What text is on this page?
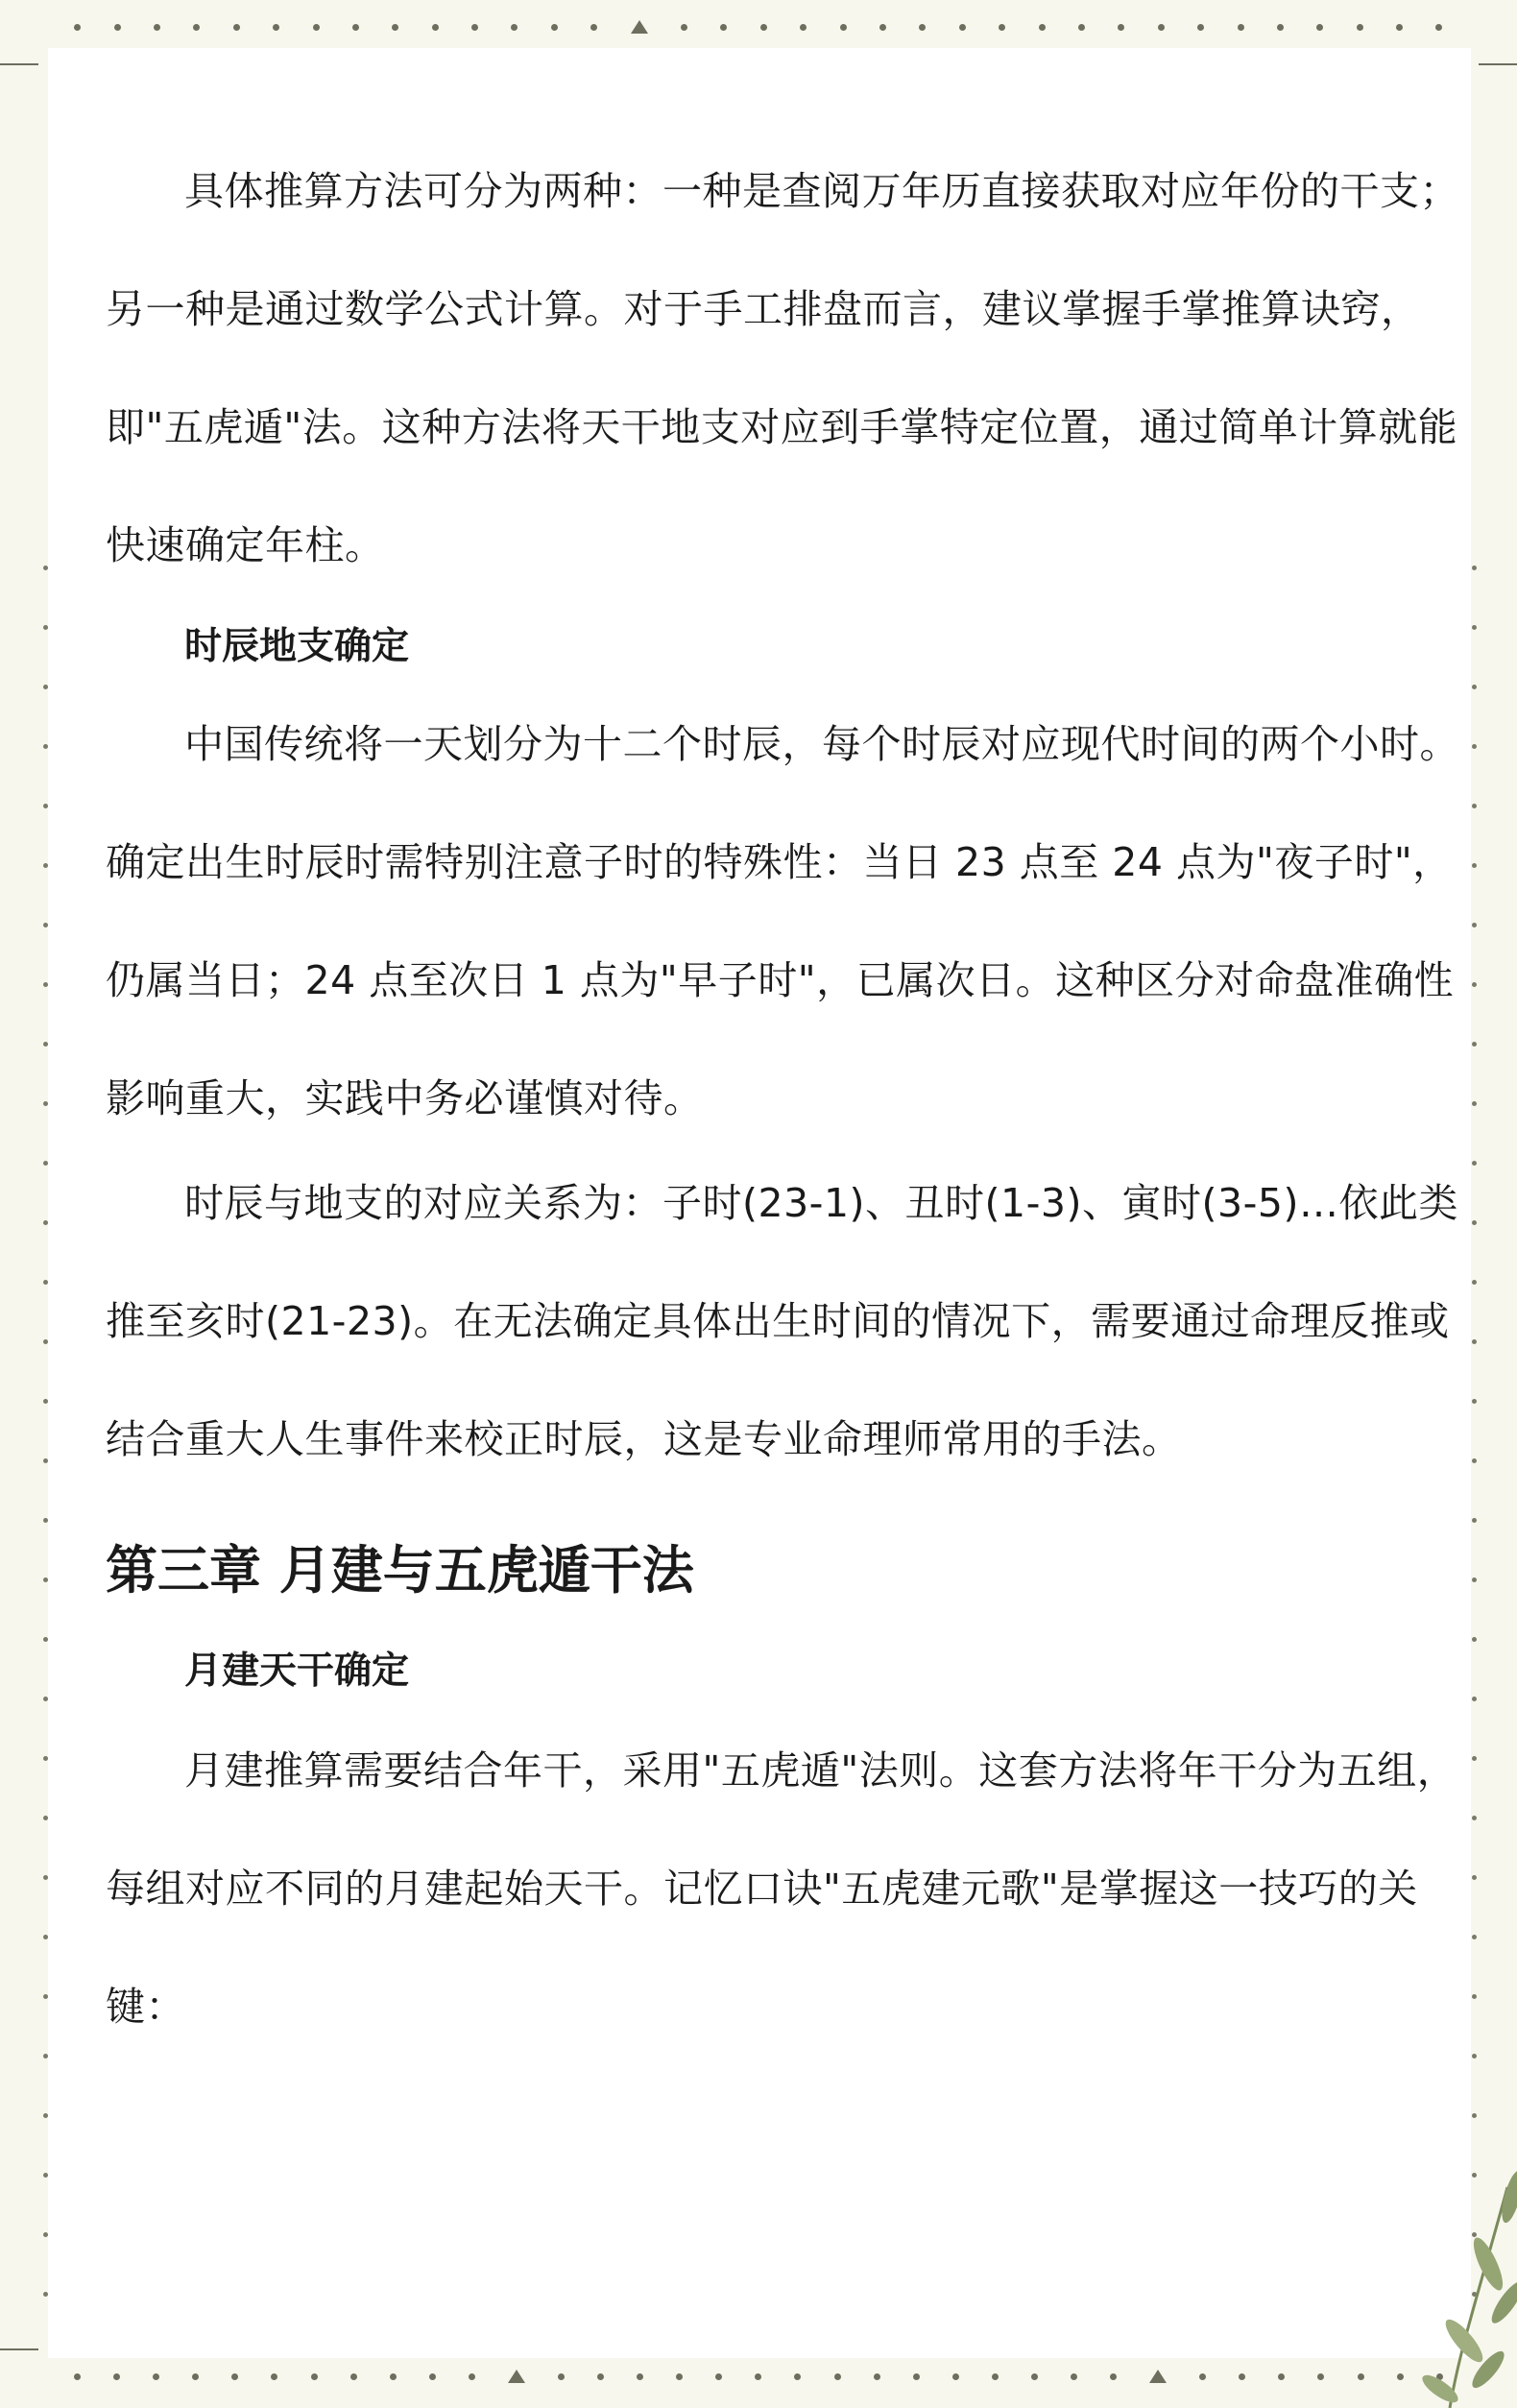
具体推算方法可分为两种：一种是查阅万年历直接获取对应年份的干支；另一种是通过数学公式计算。对于手工排盘而言，建议掌握手掌推算诀窍，即"五虎遁"法。这种方法将天干地支对应到手掌特定位置，通过简单计算就能快速确定年柱。

时辰地支确定

中国传统将一天划分为十二个时辰，每个时辰对应现代时间的两个小时。确定出生时辰时需特别注意子时的特殊性：当日 23 点至 24 点为"夜子时"，仍属当日；24 点至次日 1 点为"早子时"，已属次日。这种区分对命盘准确性影响重大，实践中务必谨慎对待。

时辰与地支的对应关系为：子时(23-1)、丑时(1-3)、寅时(3-5)…依此类推至亥时(21-23)。在无法确定具体出生时间的情况下，需要通过命理反推或结合重大人生事件来校正时辰，这是专业命理师常用的手法。

第三章 月建与五虎遁干法

月建天干确定

月建推算需要结合年干，采用"五虎遁"法则。这套方法将年干分为五组，每组对应不同的月建起始天干。记忆口诀"五虎建元歌"是掌握这一技巧的关键：
